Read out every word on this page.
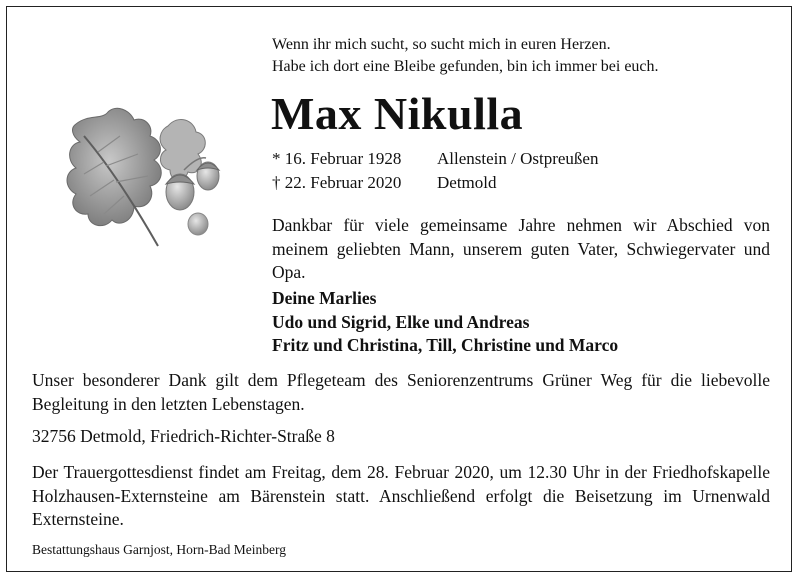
Wenn ihr mich sucht, so sucht mich in euren Herzen.
Habe ich dort eine Bleibe gefunden, bin ich immer bei euch.
Max Nikulla
* 16. Februar 1928 Allenstein / Ostpreußen
† 22. Februar 2020 Detmold
Dankbar für viele gemeinsame Jahre nehmen wir Abschied von meinem geliebten Mann, unserem guten Vater, Schwiegervater und Opa.
Deine Marlies
Udo und Sigrid, Elke und Andreas
Fritz und Christina, Till, Christine und Marco
Unser besonderer Dank gilt dem Pflegeteam des Seniorenzentrums Grüner Weg für die liebevolle Begleitung in den letzten Lebenstagen.
32756 Detmold, Friedrich-Richter-Straße 8
Der Trauergottesdienst findet am Freitag, dem 28. Februar 2020, um 12.30 Uhr in der Friedhofskapelle Holzhausen-Externsteine am Bärenstein statt. Anschließend erfolgt die Beisetzung im Urnenwald Externsteine.
Bestattungshaus Garnjost, Horn-Bad Meinberg
